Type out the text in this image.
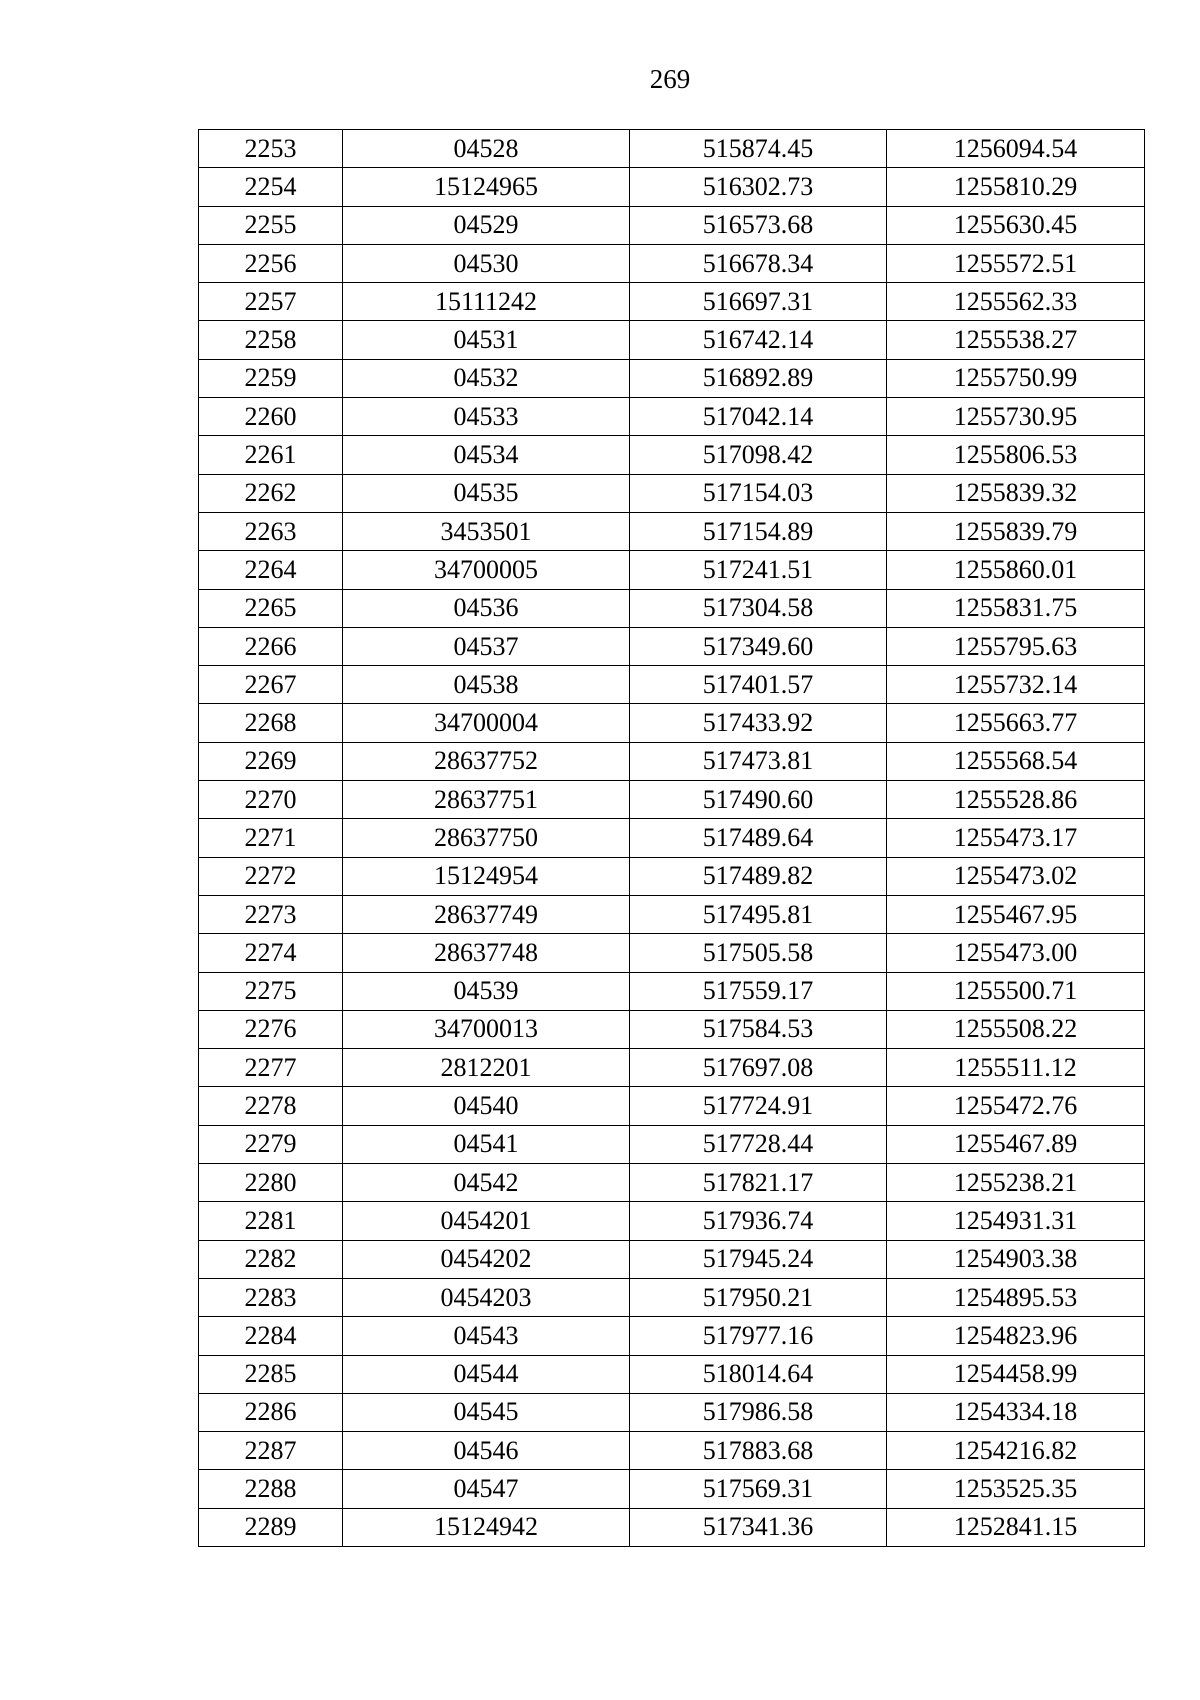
269
2253	04528	515874.45	1256094.54
2254	15124965	516302.73	1255810.29
2255	04529	516573.68	1255630.45
2256	04530	516678.34	1255572.51
2257	15111242	516697.31	1255562.33
2258	04531	516742.14	1255538.27
2259	04532	516892.89	1255750.99
2260	04533	517042.14	1255730.95
2261	04534	517098.42	1255806.53
2262	04535	517154.03	1255839.32
2263	3453501	517154.89	1255839.79
2264	34700005	517241.51	1255860.01
2265	04536	517304.58	1255831.75
2266	04537	517349.60	1255795.63
2267	04538	517401.57	1255732.14
2268	34700004	517433.92	1255663.77
2269	28637752	517473.81	1255568.54
2270	28637751	517490.60	1255528.86
2271	28637750	517489.64	1255473.17
2272	15124954	517489.82	1255473.02
2273	28637749	517495.81	1255467.95
2274	28637748	517505.58	1255473.00
2275	04539	517559.17	1255500.71
2276	34700013	517584.53	1255508.22
2277	2812201	517697.08	1255511.12
2278	04540	517724.91	1255472.76
2279	04541	517728.44	1255467.89
2280	04542	517821.17	1255238.21
2281	0454201	517936.74	1254931.31
2282	0454202	517945.24	1254903.38
2283	0454203	517950.21	1254895.53
2284	04543	517977.16	1254823.96
2285	04544	518014.64	1254458.99
2286	04545	517986.58	1254334.18
2287	04546	517883.68	1254216.82
2288	04547	517569.31	1253525.35
2289	15124942	517341.36	1252841.15
